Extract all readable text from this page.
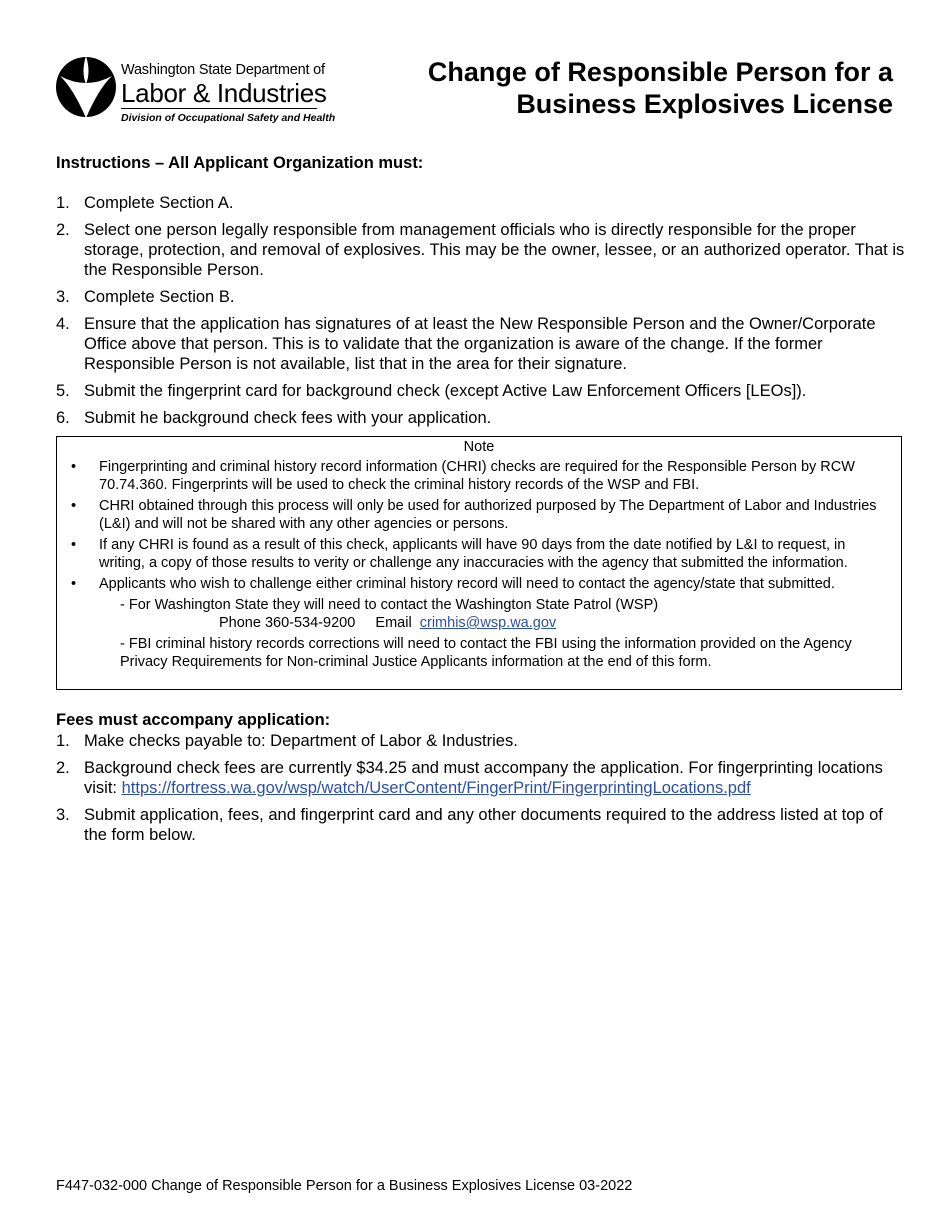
Washington State Department of
Labor & Industries
Division of Occupational Safety and Health
Change of Responsible Person for a
Business Explosives License
Instructions – All Applicant Organization must:
1. Complete Section A.
2. Select one person legally responsible from management officials who is directly responsible for the proper storage, protection, and removal of explosives. This may be the owner, lessee, or an authorized operator. That is the Responsible Person.
3. Complete Section B.
4. Ensure that the application has signatures of at least the New Responsible Person and the Owner/Corporate Office above that person. This is to validate that the organization is aware of the change. If the former Responsible Person is not available, list that in the area for their signature.
5. Submit the fingerprint card for background check (except Active Law Enforcement Officers [LEOs]).
6. Submit he background check fees with your application.
Note
• Fingerprinting and criminal history record information (CHRI) checks are required for the Responsible Person by RCW 70.74.360. Fingerprints will be used to check the criminal history records of the WSP and FBI.
• CHRI obtained through this process will only be used for authorized purposed by The Department of Labor and Industries (L&I) and will not be shared with any other agencies or persons.
• If any CHRI is found as a result of this check, applicants will have 90 days from the date notified by L&I to request, in writing, a copy of those results to verity or challenge any inaccuracies with the agency that submitted the information.
• Applicants who wish to challenge either criminal history record will need to contact the agency/state that submitted.
- For Washington State they will need to contact the Washington State Patrol (WSP)
Phone 360-534-9200 Email crimhis@wsp.wa.gov
- FBI criminal history records corrections will need to contact the FBI using the information provided on the Agency Privacy Requirements for Non-criminal Justice Applicants information at the end of this form.
Fees must accompany application:
1. Make checks payable to: Department of Labor & Industries.
2. Background check fees are currently $34.25 and must accompany the application. For fingerprinting locations visit: https://fortress.wa.gov/wsp/watch/UserContent/FingerPrint/FingerprintingLocations.pdf
3. Submit application, fees, and fingerprint card and any other documents required to the address listed at top of the form below.
F447-032-000 Change of Responsible Person for a Business Explosives License 03-2022
